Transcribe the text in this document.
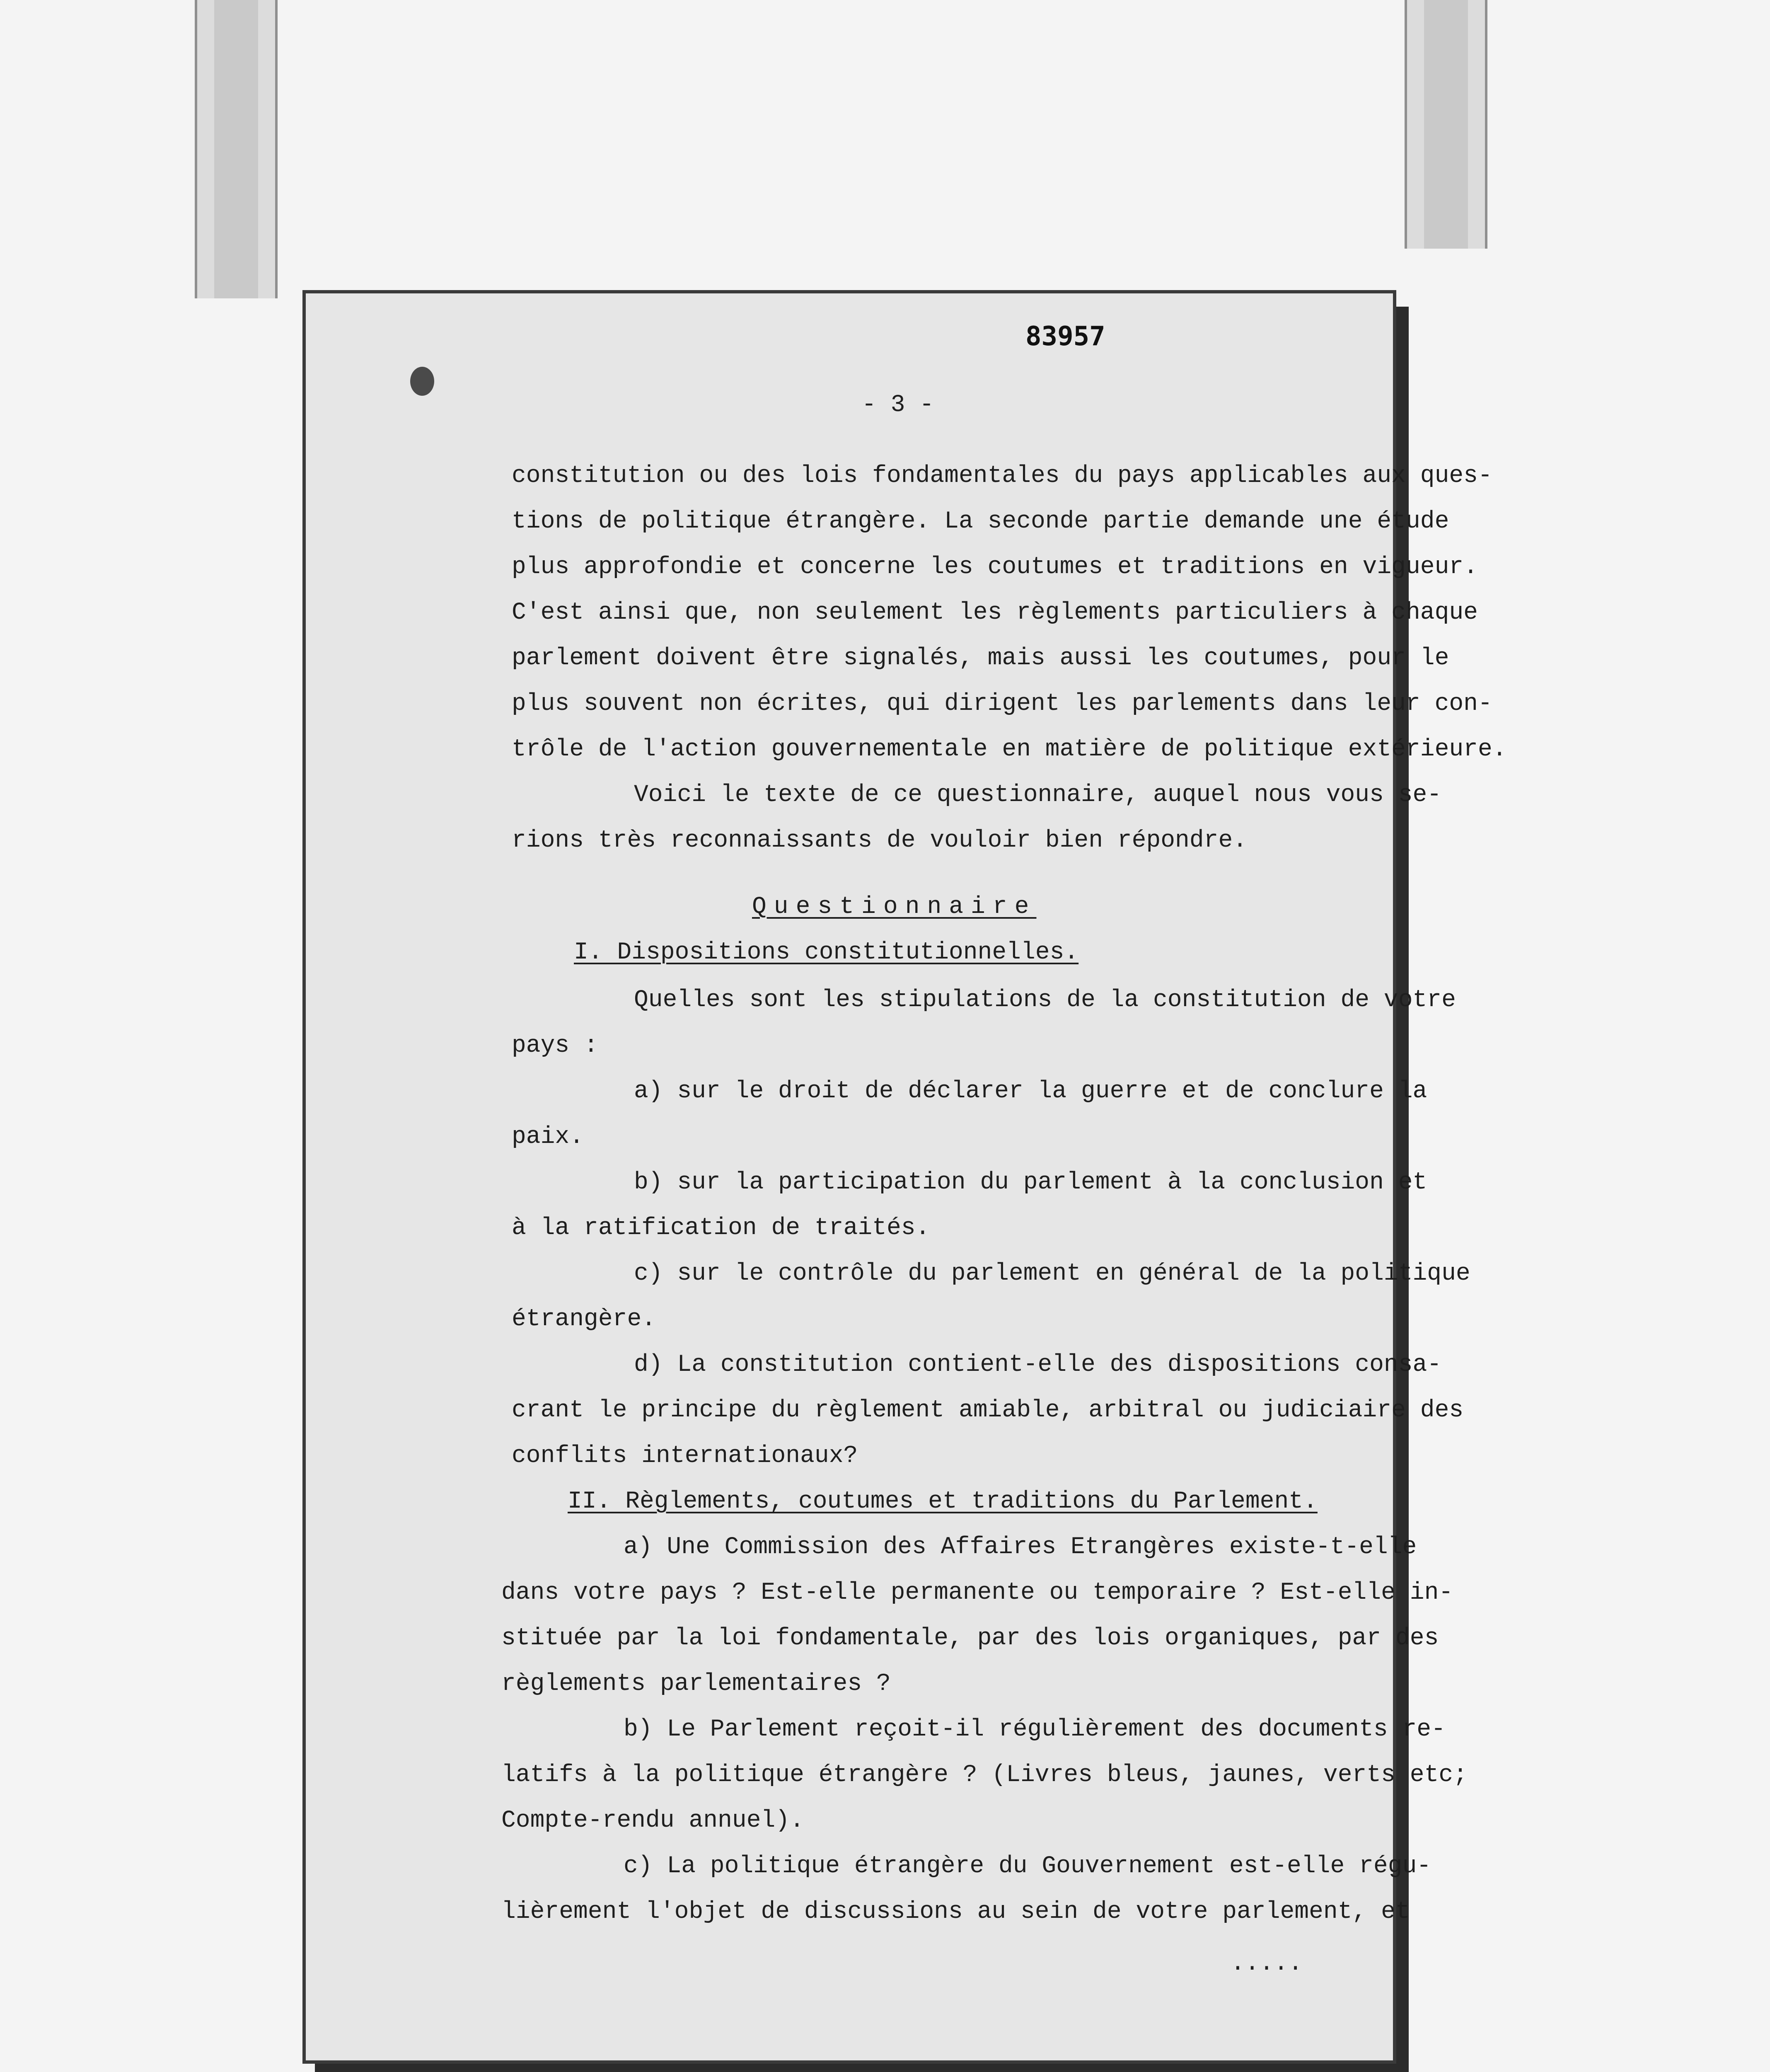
83957
- 3 -
constitution ou des lois fondamentales du pays applicables aux ques-
tions de politique étrangère. La seconde partie demande une étude
plus approfondie et concerne les coutumes et traditions en vigueur.
C'est ainsi que, non seulement les règlements particuliers à chaque
parlement doivent être signalés, mais aussi les coutumes, pour le
plus souvent non écrites, qui dirigent les parlements dans leur con-
trôle de l'action gouvernementale en matière de politique extérieure.
Voici le texte de ce questionnaire, auquel nous vous se-
rions très reconnaissants de vouloir bien répondre.
Questionnaire
I. Dispositions constitutionnelles.
Quelles sont les stipulations de la constitution de votre
pays :
a) sur le droit de déclarer la guerre et de conclure la
paix.
b) sur la participation du parlement à la conclusion et
à la ratification de traités.
c) sur le contrôle du parlement en général de la politique
étrangère.
d) La constitution contient-elle des dispositions consa-
crant le principe du règlement amiable, arbitral ou judiciaire des
conflits internationaux?
II. Règlements, coutumes et traditions du Parlement.
a) Une Commission des Affaires Etrangères existe-t-elle
dans votre pays ? Est-elle permanente ou temporaire ? Est-elle in-
stituée par la loi fondamentale, par des lois organiques, par des
règlements parlementaires ?
b) Le Parlement reçoit-il régulièrement des documents re-
latifs à la politique étrangère ? (Livres bleus, jaunes, verts etc;
Compte-rendu annuel).
c) La politique étrangère du Gouvernement est-elle régu-
lièrement l'objet de discussions au sein de votre parlement, et
.....
